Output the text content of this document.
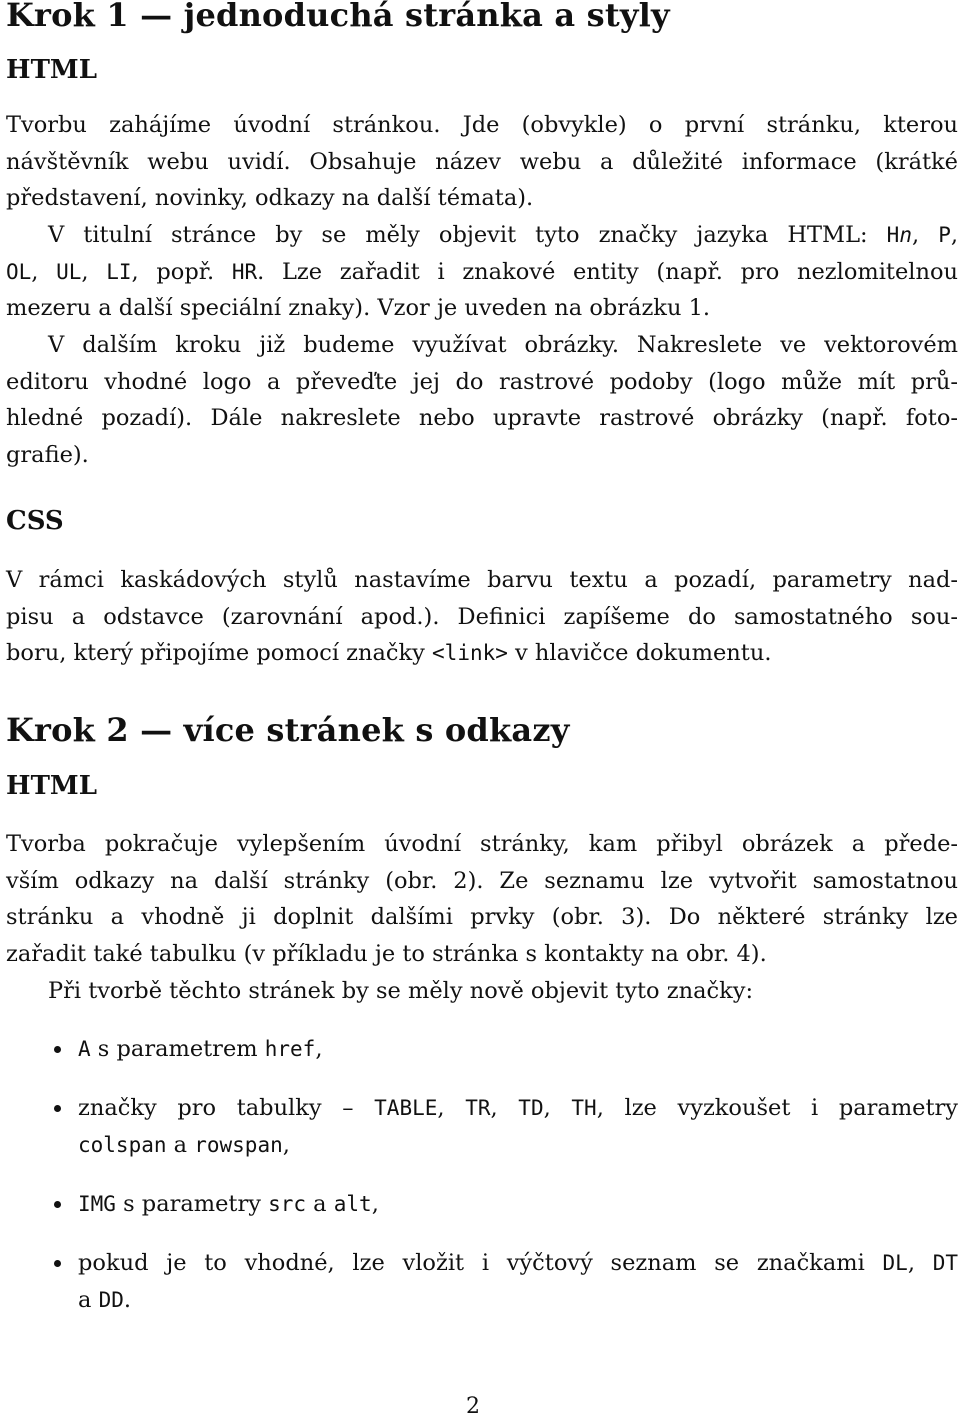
Krok 1 — jednoduchá stránka a styly
HTML
Tvorbu zahájíme úvodní stránkou. Jde (obvykle) o první stránku, kterou
návštěvník webu uvidí. Obsahuje název webu a důležité informace (krátké
představení, novinky, odkazy na další témata).
V titulní stránce by se měly objevit tyto značky jazyka HTML: Hn, P,
OL, UL, LI, popř. HR. Lze zařadit i znakové entity (např. pro nezlomitelnou
mezeru a další speciální znaky). Vzor je uveden na obrázku 1.
V dalším kroku již budeme využívat obrázky. Nakreslete ve vektorovém
editoru vhodné logo a převeďte jej do rastrové podoby (logo může mít prů-
hledné pozadí). Dále nakreslete nebo upravte rastrové obrázky (např. foto-
grafie).
CSS
V rámci kaskádových stylů nastavíme barvu textu a pozadí, parametry nad-
pisu a odstavce (zarovnání apod.). Definici zapíšeme do samostatného sou-
boru, který připojíme pomocí značky <link> v hlavičce dokumentu.
Krok 2 — více stránek s odkazy
HTML
Tvorba pokračuje vylepšením úvodní stránky, kam přibyl obrázek a přede-
vším odkazy na další stránky (obr. 2). Ze seznamu lze vytvořit samostatnou
stránku a vhodně ji doplnit dalšími prvky (obr. 3). Do některé stránky lze
zařadit také tabulku (v příkladu je to stránka s kontakty na obr. 4).
Při tvorbě těchto stránek by se měly nově objevit tyto značky:
A s parametrem href,
značky pro tabulky – TABLE, TR, TD, TH, lze vyzkoušet i parametry
colspan a rowspan,
IMG s parametry src a alt,
pokud je to vhodné, lze vložit i výčtový seznam se značkami DL, DT
a DD.
2
